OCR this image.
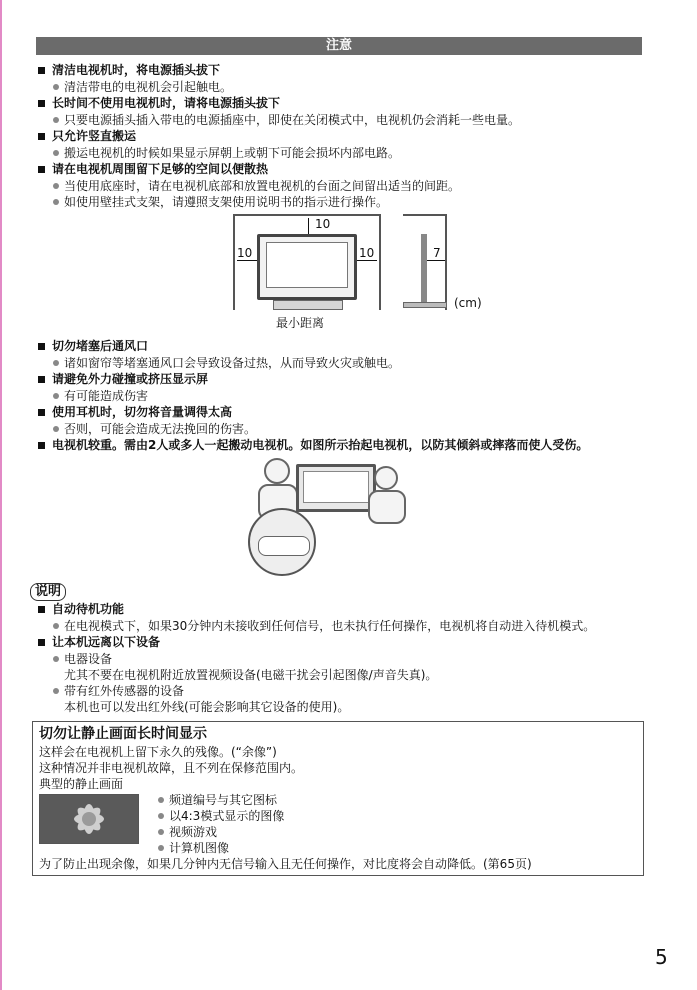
注意
清洁电视机时，将电源插头拔下
清洁带电的电视机会引起触电。
长时间不使用电视机时，请将电源插头拔下
只要电源插头插入带电的电源插座中，即使在关闭模式中，电视机仍会消耗一些电量。
只允许竖直搬运
搬运电视机的时候如果显示屏朝上或朝下可能会损坏内部电路。
请在电视机周围留下足够的空间以便散热
当使用底座时，请在电视机底部和放置电视机的台面之间留出适当的间距。
如使用壁挂式支架，请遵照支架使用说明书的指示进行操作。
10
10	10	7
(cm)
最小距离
切勿堵塞后通风口
诸如窗帘等堵塞通风口会导致设备过热，从而导致火灾或触电。
请避免外力碰撞或挤压显示屏
有可能造成伤害
使用耳机时，切勿将音量调得太高
否则，可能会造成无法挽回的伤害。
电视机较重。需由2人或多人一起搬动电视机。如图所示抬起电视机，以防其倾斜或摔落而使人受伤。
说明
自动待机功能
在电视模式下，如果30分钟内未接收到任何信号，也未执行任何操作，电视机将自动进入待机模式。
让本机远离以下设备
电器设备
尤其不要在电视机附近放置视频设备(电磁干扰会引起图像/声音失真)。
带有红外传感器的设备
本机也可以发出红外线(可能会影响其它设备的使用)。
切勿让静止画面长时间显示
这样会在电视机上留下永久的残像。(“余像”)
这种情况并非电视机故障，且不列在保修范围内。
典型的静止画面
频道编号与其它图标
以4:3模式显示的图像
视频游戏
计算机图像
为了防止出现余像，如果几分钟内无信号输入且无任何操作，对比度将会自动降低。(第65页)
5
